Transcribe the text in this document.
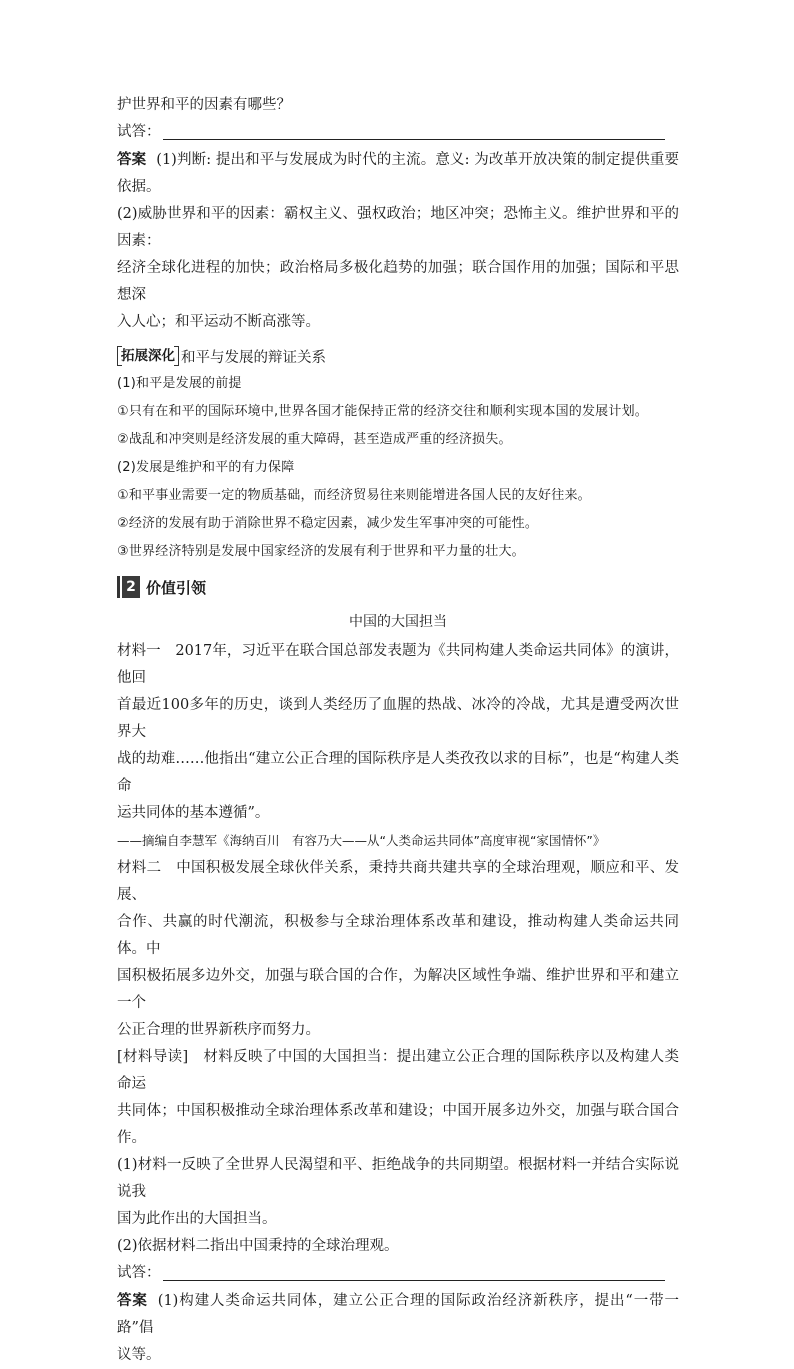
护世界和平的因素有哪些？

试答：

答案 (1)判断: 提出和平与发展成为时代的主流。意义: 为改革开放决策的制定提供重要依据。

(2)威胁世界和平的因素：霸权主义、强权政治；地区冲突；恐怖主义。维护世界和平的因素：

经济全球化进程的加快；政治格局多极化趋势的加强；联合国作用的加强；国际和平思想深

入人心；和平运动不断高涨等。

拓展深化 和平与发展的辩证关系

(1)和平是发展的前提

①只有在和平的国际环境中,世界各国才能保持正常的经济交往和顺利实现本国的发展计划。

②战乱和冲突则是经济发展的重大障碍，甚至造成严重的经济损失。

(2)发展是维护和平的有力保障

①和平事业需要一定的物质基础，而经济贸易往来则能增进各国人民的友好往来。

②经济的发展有助于消除世界不稳定因素，减少发生军事冲突的可能性。

③世界经济特别是发展中国家经济的发展有利于世界和平力量的壮大。

2 价值引领

中国的大国担当

材料一　2017年，习近平在联合国总部发表题为《共同构建人类命运共同体》的演讲，他回

首最近100多年的历史，谈到人类经历了血腥的热战、冰冷的冷战，尤其是遭受两次世界大

战的劫难……他指出“建立公正合理的国际秩序是人类孜孜以求的目标”，也是“构建人类命

运共同体的基本遵循”。

——摘编自李慧军《海纳百川　有容乃大——从“人类命运共同体”高度审视“家国情怀”》

材料二　中国积极发展全球伙伴关系，秉持共商共建共享的全球治理观，顺应和平、发展、

合作、共赢的时代潮流，积极参与全球治理体系改革和建设，推动构建人类命运共同体。中

国积极拓展多边外交，加强与联合国的合作，为解决区域性争端、维护世界和平和建立一个

公正合理的世界新秩序而努力。

[材料导读]　材料反映了中国的大国担当：提出建立公正合理的国际秩序以及构建人类命运

共同体；中国积极推动全球治理体系改革和建设；中国开展多边外交，加强与联合国合作。

(1)材料一反映了全世界人民渴望和平、拒绝战争的共同期望。根据材料一并结合实际说说我

国为此作出的大国担当。

(2)依据材料二指出中国秉持的全球治理观。

试答：

答案 (1)构建人类命运共同体，建立公正合理的国际政治经济新秩序，提出“一带一路”倡

议等。
